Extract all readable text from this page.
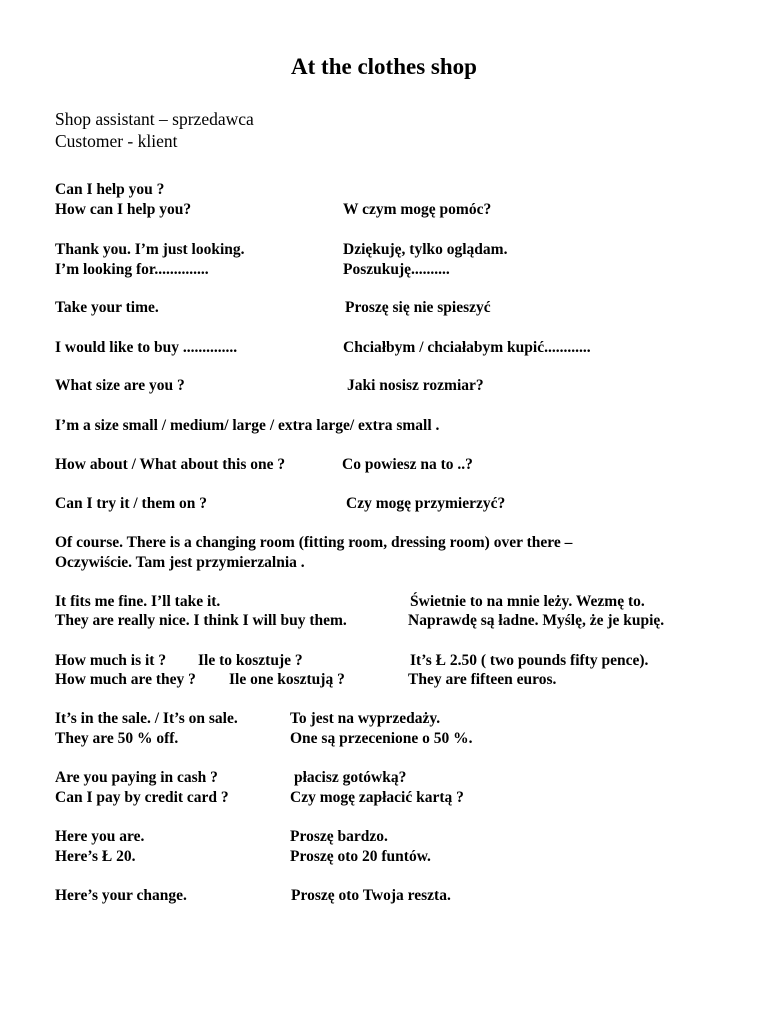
At the clothes shop
Shop assistant – sprzedawca
Customer - klient
Can I help you ?
How can I help you?	W czym mogę pomóc?
Thank you. I’m just looking.	Dziękuję, tylko oglądam.
I’m looking for..............	Poszukuję..........
Take your time.	Proszę się nie spieszyć
I would like to buy ..............	Chciałbym / chciałabym kupić............
What size are you ?	Jaki nosisz rozmiar?
I’m a size small / medium/ large / extra large/ extra small .
How about / What about this one ?	Co powiesz na to ..?
Can I try it / them on ?	Czy mogę przymierzyć?
Of course. There is a changing room (fitting room, dressing room) over there –
Oczywiście. Tam jest przymierzalnia .
It fits me fine. I’ll take it.	Świetnie to na mnie leży. Wezmę to.
They are really nice. I think I will buy them.	Naprawdę są ładne. Myślę, że je kupię.
How much is it ? Ile to kosztuje ?	It’s Ł 2.50 ( two pounds fifty pence).
How much are they ? Ile one kosztują ?	They are fifteen euros.
It’s in the sale. / It’s on sale.	To jest na wyprzedaży.
They are 50 % off.	One są przecenione o 50 %.
Are you paying in cash ?	płacisz gotówką?
Can I pay by credit card ?	Czy mogę zapłacić kartą ?
Here you are.	Proszę bardzo.
Here’s Ł 20.	Proszę oto 20 funtów.
Here’s your change.	Proszę oto Twoja reszta.
